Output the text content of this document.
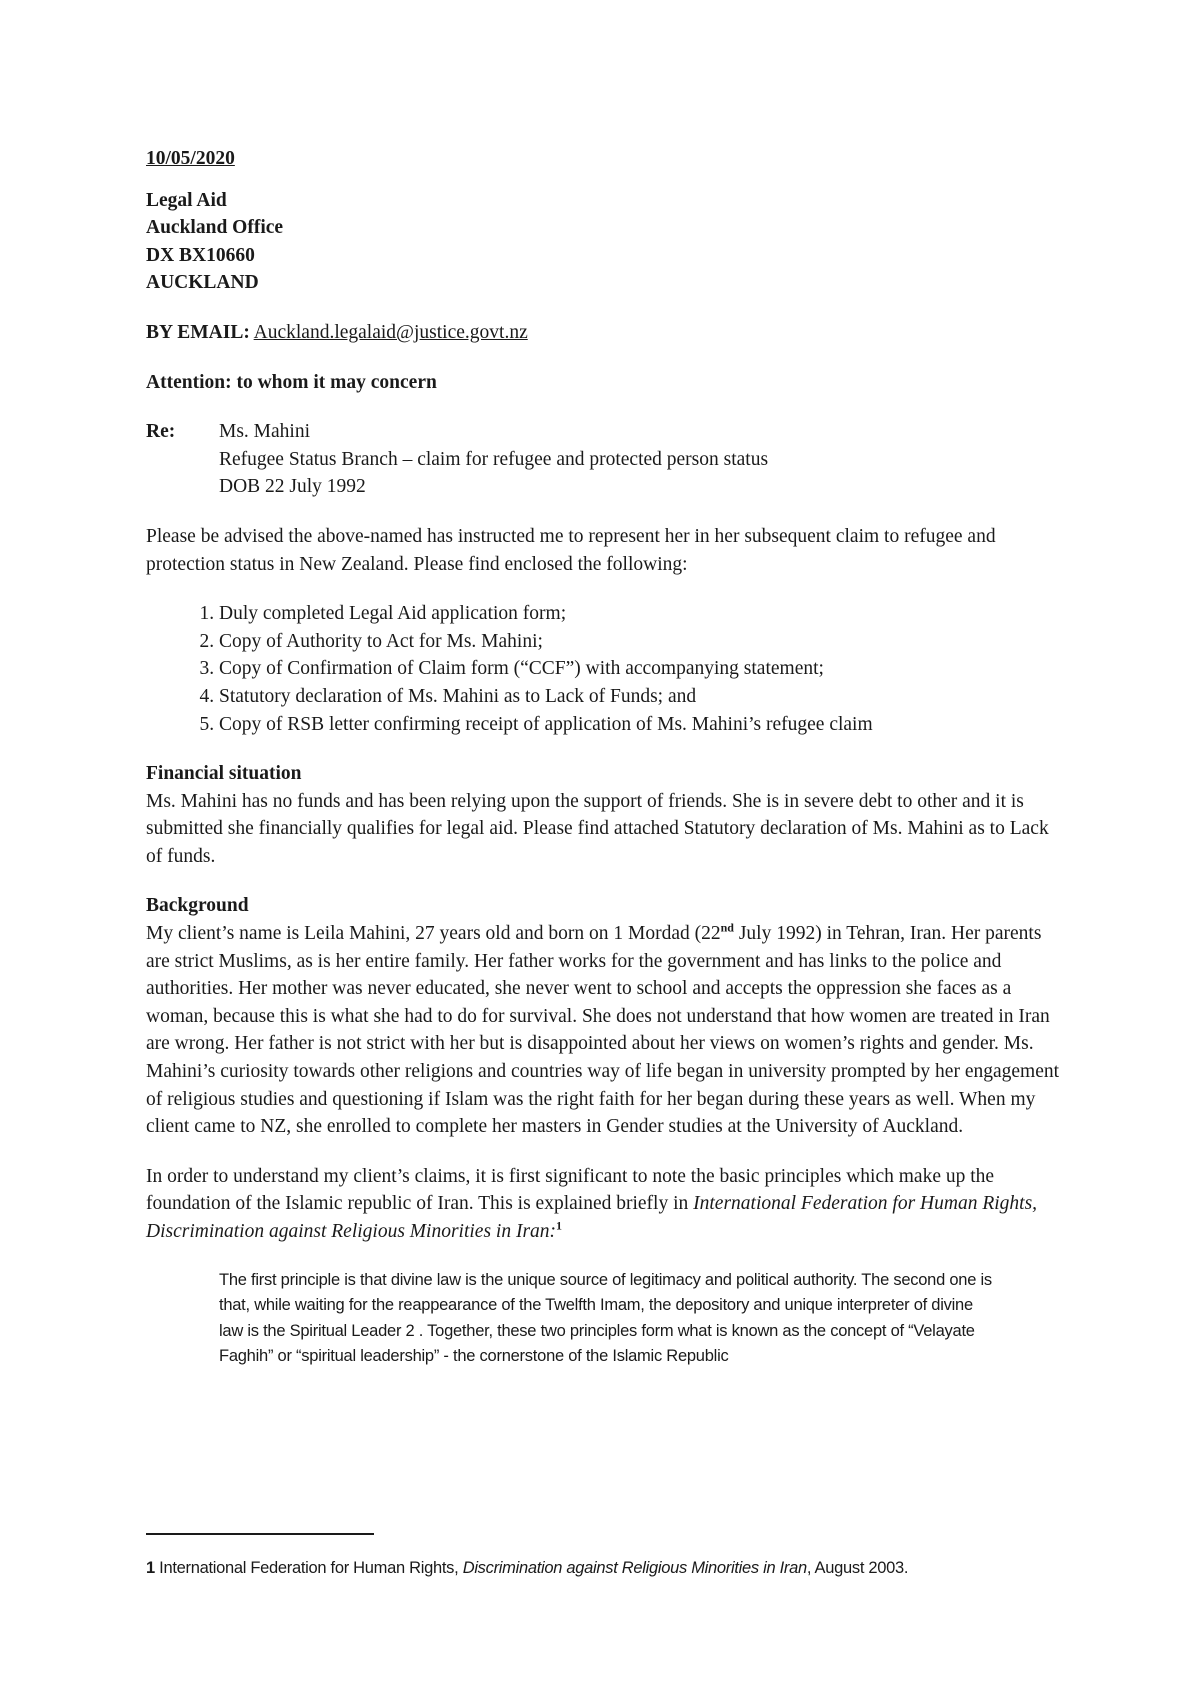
10/05/2020

Legal Aid

Auckland Office

DX BX10660

AUCKLAND

BY EMAIL: Auckland.legalaid@justice.govt.nz

Attention: to whom it may concern

Re:	Ms. Mahini

Refugee Status Branch – claim for refugee and protected person status

DOB 22 July 1992

Please be advised the above-named has instructed me to represent her in her subsequent claim to refugee and protection status in New Zealand. Please find enclosed the following:

1. Duly completed Legal Aid application form;
2. Copy of Authority to Act for Ms. Mahini;
3. Copy of Confirmation of Claim form (“CCF”) with accompanying statement;
4. Statutory declaration of Ms. Mahini as to Lack of Funds; and
5. Copy of RSB letter confirming receipt of application of Ms. Mahini’s refugee claim

Financial situation

Ms. Mahini has no funds and has been relying upon the support of friends. She is in severe debt to other and it is submitted she financially qualifies for legal aid. Please find attached Statutory declaration of Ms. Mahini as to Lack of funds.

Background

My client’s name is Leila Mahini, 27 years old and born on 1 Mordad (22nd July 1992) in Tehran, Iran. Her parents are strict Muslims, as is her entire family. Her father works for the government and has links to the police and authorities. Her mother was never educated, she never went to school and accepts the oppression she faces as a woman, because this is what she had to do for survival. She does not understand that how women are treated in Iran are wrong. Her father is not strict with her but is disappointed about her views on women’s rights and gender. Ms. Mahini’s curiosity towards other religions and countries way of life began in university prompted by her engagement of religious studies and questioning if Islam was the right faith for her began during these years as well. When my client came to NZ, she enrolled to complete her masters in Gender studies at the University of Auckland.

In order to understand my client’s claims, it is first significant to note the basic principles which make up the foundation of the Islamic republic of Iran. This is explained briefly in International Federation for Human Rights, Discrimination against Religious Minorities in Iran:$^1$

The first principle is that divine law is the unique source of legitimacy and political authority. The second one is that, while waiting for the reappearance of the Twelfth Imam, the depository and unique interpreter of divine law is the Spiritual Leader 2 . Together, these two principles form what is known as the concept of “Velayate Faghih” or “spiritual leadership” - the cornerstone of the Islamic Republic

1 International Federation for Human Rights, Discrimination against Religious Minorities in Iran, August 2003.
